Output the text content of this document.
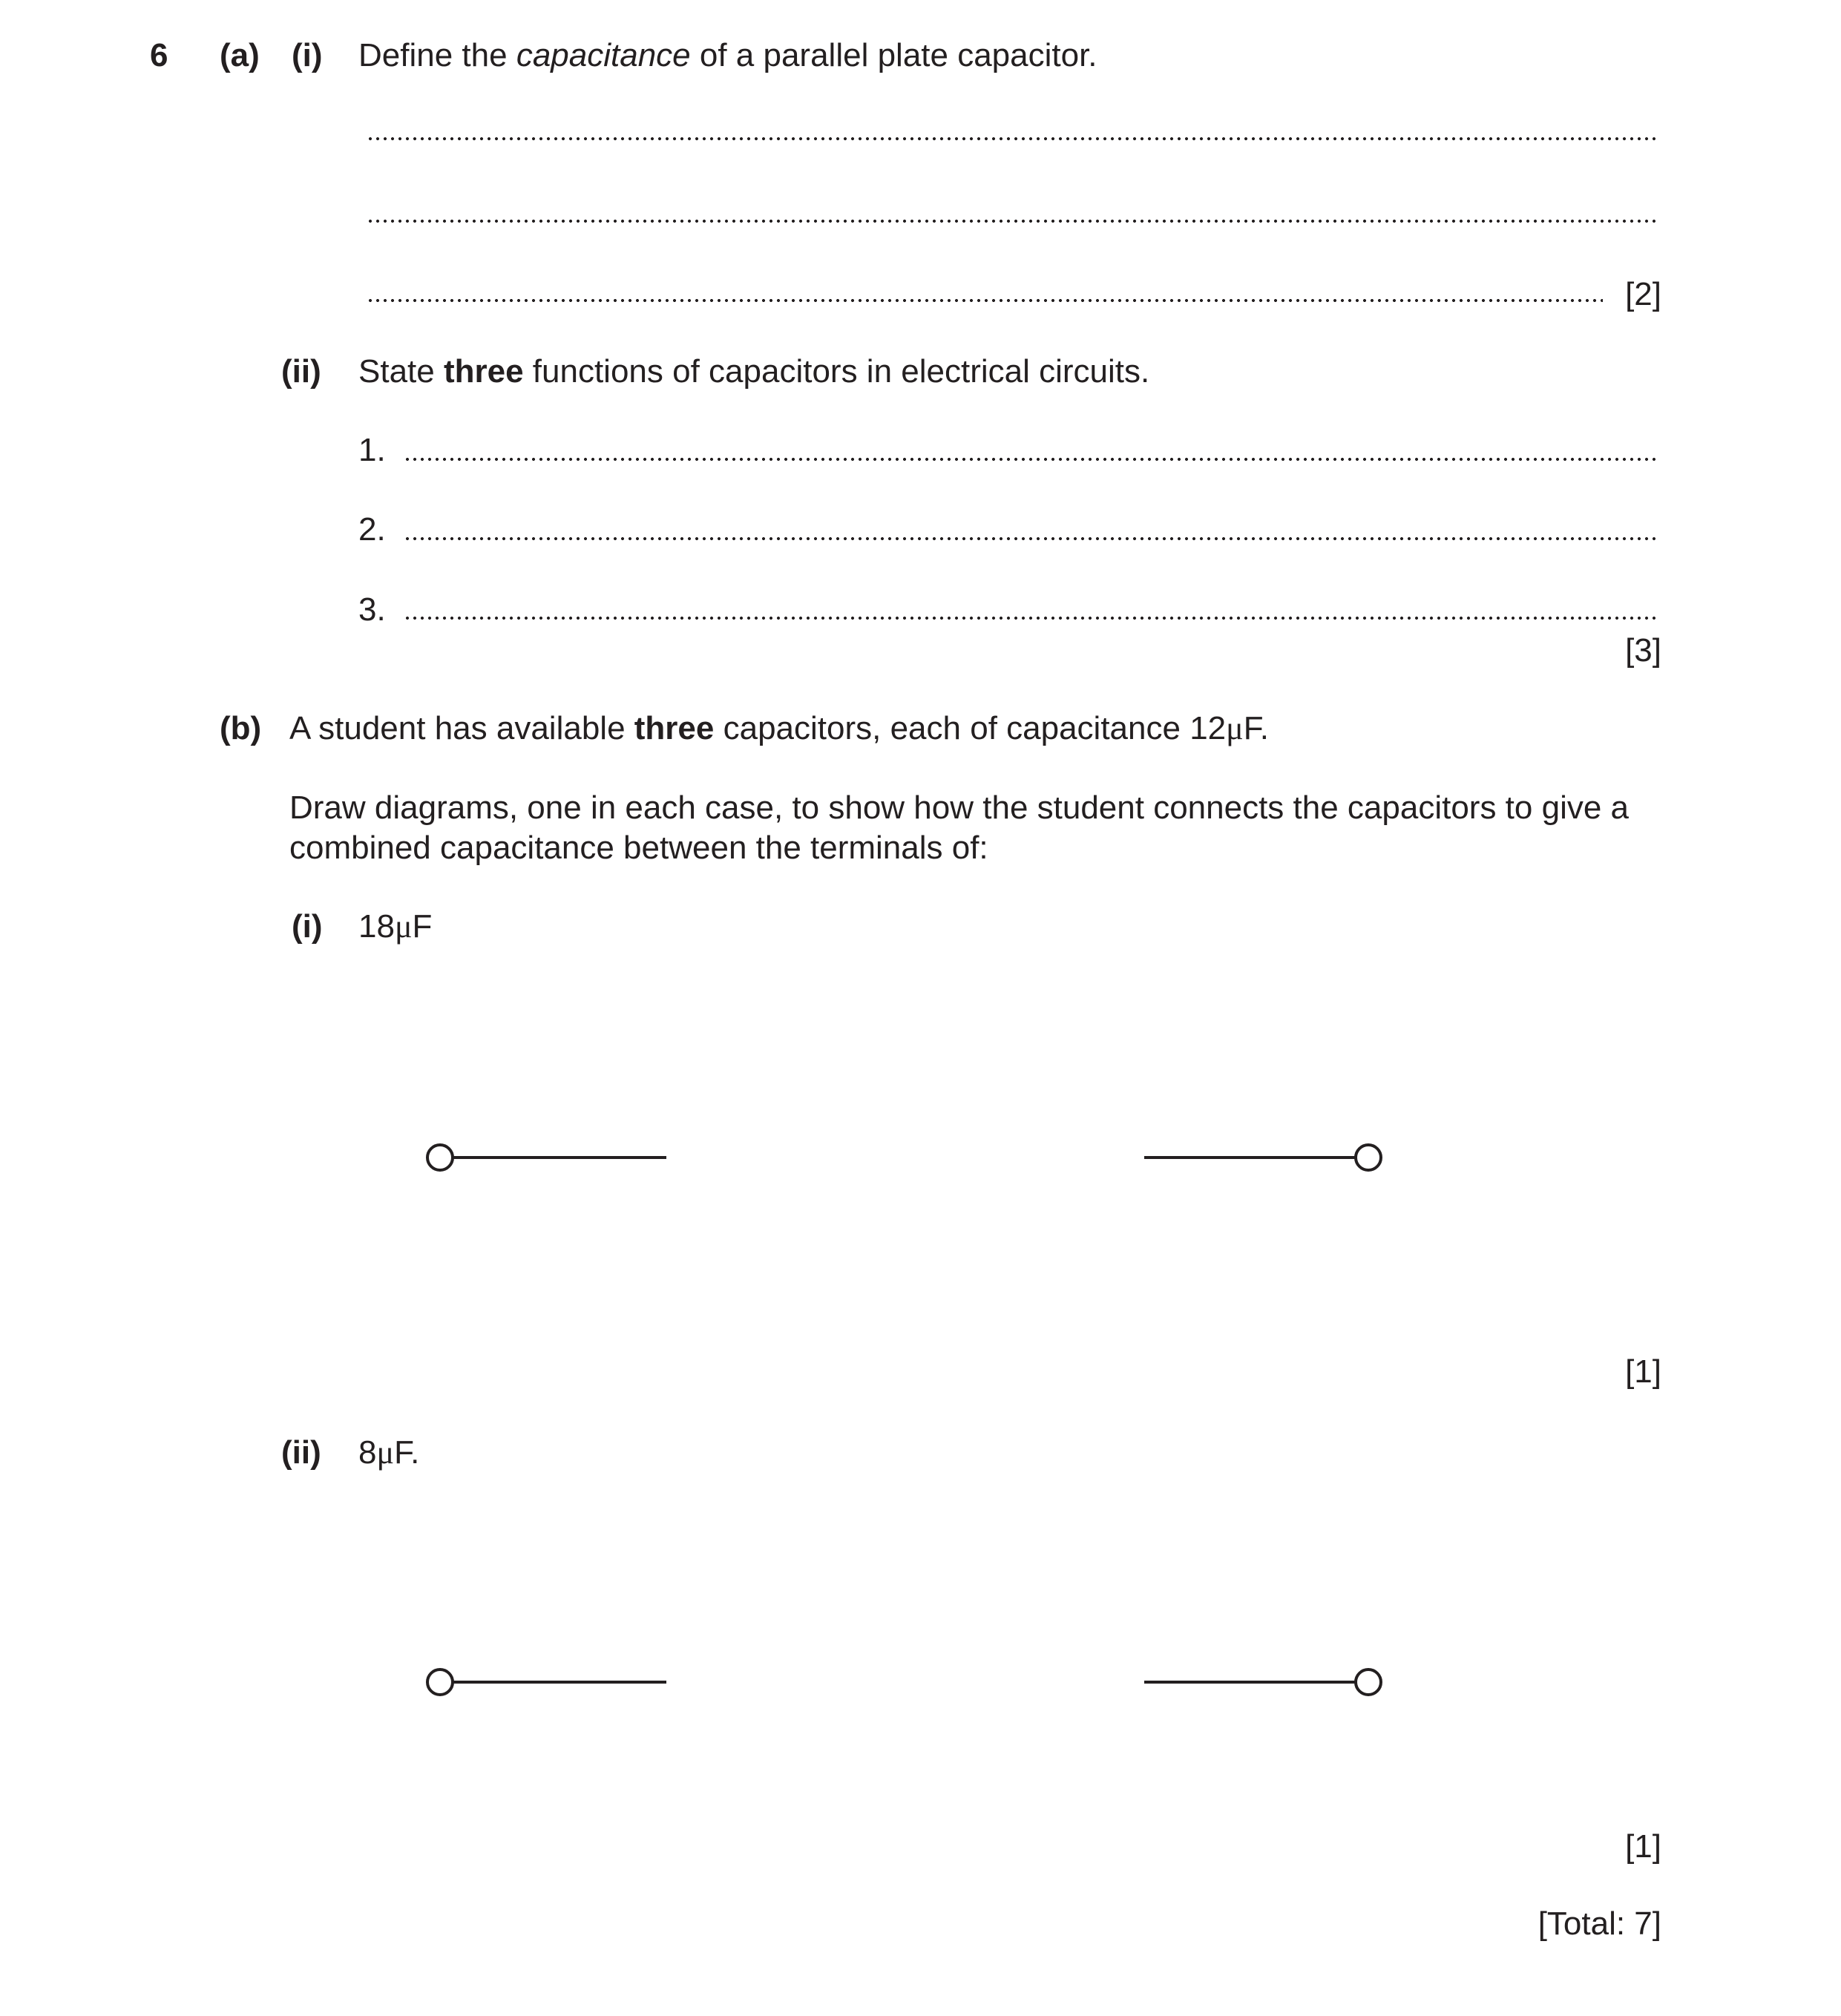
6 (a) (i) Define the capacitance of a parallel plate capacitor.
[2]
(ii) State three functions of capacitors in electrical circuits.
1.
2.
3.
[3]
(b) A student has available three capacitors, each of capacitance 12μF.
Draw diagrams, one in each case, to show how the student connects the capacitors to give a
combined capacitance between the terminals of:
(i) 18μF
(ii) 8μF.
[1]
[1]
[Total: 7]
